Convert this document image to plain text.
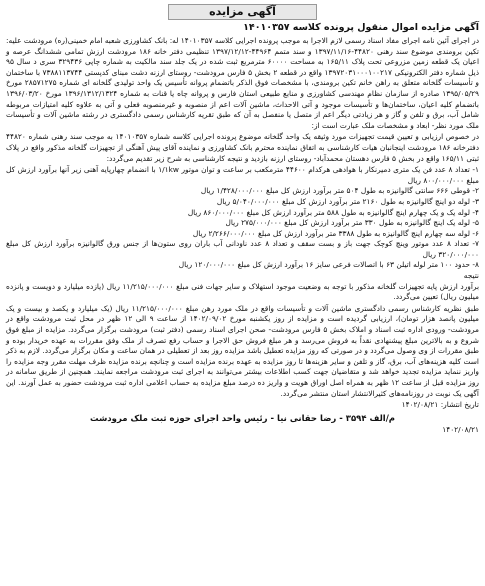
آگهی مزایده
آگهی مزایده اموال منقول پرونده کلاسه ۱۴۰۱۰۳۵۷

در اجرای آئین نامه اجرای مفاد اسناد رسمی لازم الاجرا به موجب پرونده اجرایی کلاسه ۱۴۰۱۰۳۵۷ له: بانک کشاورزی شعبه امام خمینی(ره) مرودشت علیه: تکین برومندی موضوع سند رهنی ۴۴۸۲۰-۱۳۹۷/۱۱/۱۶ و سند متمم ۴۴۹۶۴-۱۳۹۷/۱۲/۱۲ تنظیمی دفتر خانه ۱۸۶ مرودشت ارزش تمامی ششدانگ عرصه و اعیان یک قطعه زمین مزروعی تحت پلاک ۱۶۵/۱۱ به مساحت ۶۰۰۰۰ مترمربع ثبت شده در یک جلد سند مالکیت به شماره چاپی ۳۲۹۴۳۶ سری د سال ۹۵ ذیل شماره دفتر الکترونیکی ۱۳۹۷۲۰۳۱۰۰۰۱۰۰۲۱۷ واقع در قطعه ۲ بخش ۵ فارس مرودشت- روستای ارزنه دشت مبنای کدپستی ۷۳۸۸۱۱۳۷۴۴ با ساختمان و تأسیسات گلخانه متعلق به راهن خانم تکین برومندی، با مشخصات فوق الذکر باتضمام پروانه تأسیس یک واحد تولیدی گلخانه ای شماره ۲۸۵۷۱۲۷۵ مورخ ۱۳۹۵/۰۵/۲۹ صادره از سازمان نظام مهندسی کشاورزی و منابع طبیعی استان فارس و پروانه چاه یا قنات به شماره ۱۳۹۶/۱۳۱۲/۱۳۲۴ مورخ ۱۳۹۶/۰۳/۲۰ باتضمام کلیه اعیان، ساختمان‌ها و تأسیسات موجود و آتی الاحداث، ماشین آلات اعم از منصوبه و غیرمنصوبه فعلی و آتی به علاوه کلیه امتیازات مربوطه شامل آب، برق و تلفن و گاز و هر زیادتی دیگر اعم از متصل یا منفصل به آن که طبق تقریه کارشناس رسمی دادگستری در رشته ماشین آلات و تأسیسات ملک مورد نظر- ابعاد و مشخصات ملک عبارت است از:

در خصوص ارزیابی و تعیین قیمت تجهیزات مورد وثیقه یک واحد گلخانه موضوع پرونده اجرایی کلاسه شماره ۱۴۰۱۰۳۵۷ به موجب سند رهنی شماره ۴۴۸۲۰ دفترخانه ۱۸۶ مرودشت اینجانبان هیات کارشناسی به اتفاق نماینده محترم بانک کشاورزی و نماینده آقای پیش آهنگی از تجهیزات گلخانه مذکور واقع در پلاک ثبتی ۱۶۵/۱۱ واقع در بخش ۵ فارس دهستان محمدآباد- روستای ارزنه بازدید و نتیجه کارشناسی به شرح زیر تقدیم می‌گردد:

۱- تعداد ۸ عدد فن یک متری دمیرنکار با هوادهی هرکدام ۴۴۶۰۰ مترمکعب بر ساعت و توان موتور ۱/۱kw با انضمام چهارپایه آهنی زیر آنها برآورد ارزش کل مبلغ ۸۰۰/۰۰۰/۰۰۰ ریال
۲- قوطی ۶۶۶ سانتی گالوانیزه به طول ۵۰۴ متر برآورد ارزش کل مبلغ ۱/۴۲۸/۰۰۰/۰۰۰ ریال
۳- لوله دو اینچ گالوانیزه به طول ۲۱۶۰ متر برآورد ارزش کل مبلغ ۵/۰۴۰/۰۰۰/۰۰۰ ریال
۴- لوله یک و یک چهارم اینچ گالوانیزه به طول ۵۸۸ متر برآورد ارزش کل مبلغ ۸۶۰/۰۰۰/۰۰۰ ریال
۵- لوله یک اینچ گالوانیزه به طول ۳۳۰ متر برآورد ارزش کل مبلغ ۲۷۵/۰۰۰/۰۰۰ ریال
۶- لوله سه چهارم اینچ گالوانیزه به طول ۳۳۸۸ متر برآورد ارزش کل مبلغ ۲/۲۶۶/۰۰۰/۰۰۰ ریال
۷- تعداد ۸ عدد موتور وینچ کوچک جهت باز و بست سقف و تعداد ۸ عدد ناودانی آب باران روی ستون‌ها از جنس ورق گالوانیزه برآورد ارزش کل مبلغ ۳۲۰/۰۰۰/۰۰۰ ریال
۸- حدود ۱۰۰ متر لوله اتیلن ۶۳ با اتصالات فرعی سایز ۱۶ برآورد ارزش کل مبلغ ۱۲۰/۰۰۰/۰۰۰ ریال
نتیجه

برآورد ارزش پایه تجهیزات گلخانه مذکور با توجه به وضعیت موجود استهلاک و سایر جهات فنی مبلغ ۱۱/۲۱۵/۰۰۰/۰۰۰ ریال (یازده میلیارد و دویست و پانزده میلیون ریال) تعیین می‌گردد.

طبق نظریه کارشناس رسمی دادگستری ماشین آلات و تأسیسات واقع در ملک مورد رهن مبلغ ۱۱/۲۱۵/۰۰۰/۰۰۰ ریال (یک میلیارد و یکصد و بیست و یک میلیون پانصد هزار تومان)، ارزیابی گردیده است و مزایده از روز یکشنبه مورخ ۱۴۰۲/۰۹/۰۲ از ساعت ۹ الی ۱۲ ظهر در محل ثبت مرودشت واقع در مرودشت- ورودی اداره ثبت اسناد و املاک بخش ۵ فارس مرودشت- صحن اجرای اسناد رسمی (دفتر ثبت) مرودشت برگزار می‌گردد. مزایده از مبلغ فوق شروع و به بالاترین مبلغ پیشنهادی نقداً به فروش می‌رسد و هر مبلغ فروش حق الاجرا و حساب رفع تصرف از ملک وفق مقررات به عهده خریدار بوده و طبق مقررات از وی وصول می‌گردد و در صورتی که روز مزایده تعطیل باشد مزایده روز بعد از تعطیلی در همان ساعت و مکان برگزار می‌گردد. لازم به ذکر است کلیه هزینه‌های آب، برق، گاز و تلفن و سایر هزینه‌ها تا روز مزایده به عهده برنده مزایده است و چنانچه برنده مزایده ظرف مهلت مقرر وجه مزایده را واریز ننماید مزایده تجدید خواهد شد و متقاضیان جهت کسب اطلاعات بیشتر می‌توانند به اجرای ثبت مرودشت مراجعه نمایند. همچنین از طریق سامانه در روز مزایده قبل از ساعت ۱۲ ظهر به همراه اصل اوراق هویت و واریز ده درصد مبلغ مزایده به حساب اعلامی اداره ثبت مرودشت حضور به عمل آورند. این آگهی یک نوبت در روزنامه‌های کثیرالانتشار استان منتشر می‌گردد.

تاریخ انتشار: ۱۴۰۲/۰۸/۲۱
م/الف ۳۵۹۴ - رضا حقانی نیا - رئیس واحد اجرای حوزه ثبت ملک مرودشت
۱۴۰۲/۰۸/۲۱
